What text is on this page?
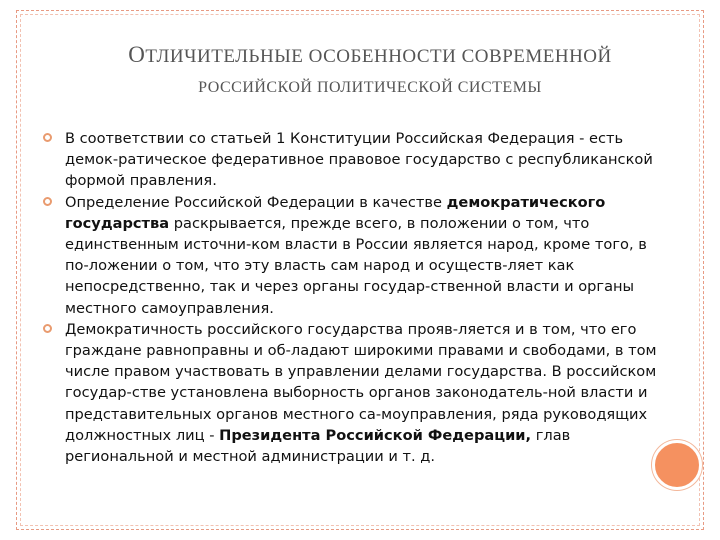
ОТЛИЧИТЕЛЬНЫЕ ОСОБЕННОСТИ СОВРЕМЕННОЙ
РОССИЙСКОЙ ПОЛИТИЧЕСКОЙ СИСТЕМЫ

В соответствии со статьей 1 Конституции Российская Федерация - есть демок-ратическое федеративное правовое государство с республиканской формой правления.

Определение Российской Федерации в качестве демократического государства раскрывается, прежде всего, в положении о том, что единственным источни-ком власти в России является народ, кроме того, в по-ложении о том, что эту власть сам народ и осуществ-ляет как непосредственно, так и через органы государ-ственной власти и органы местного самоуправления.

Демократичность российского государства прояв-ляется и в том, что его граждане равноправны и об-ладают широкими правами и свободами, в том числе правом участвовать в управлении делами государства. В российском государ-стве установлена выборность органов законодатель-ной власти и представительных органов местного са-моуправления, ряда руководящих должностных лиц - Президента Российской Федерации, глав региональной и местной администрации и т. д.
